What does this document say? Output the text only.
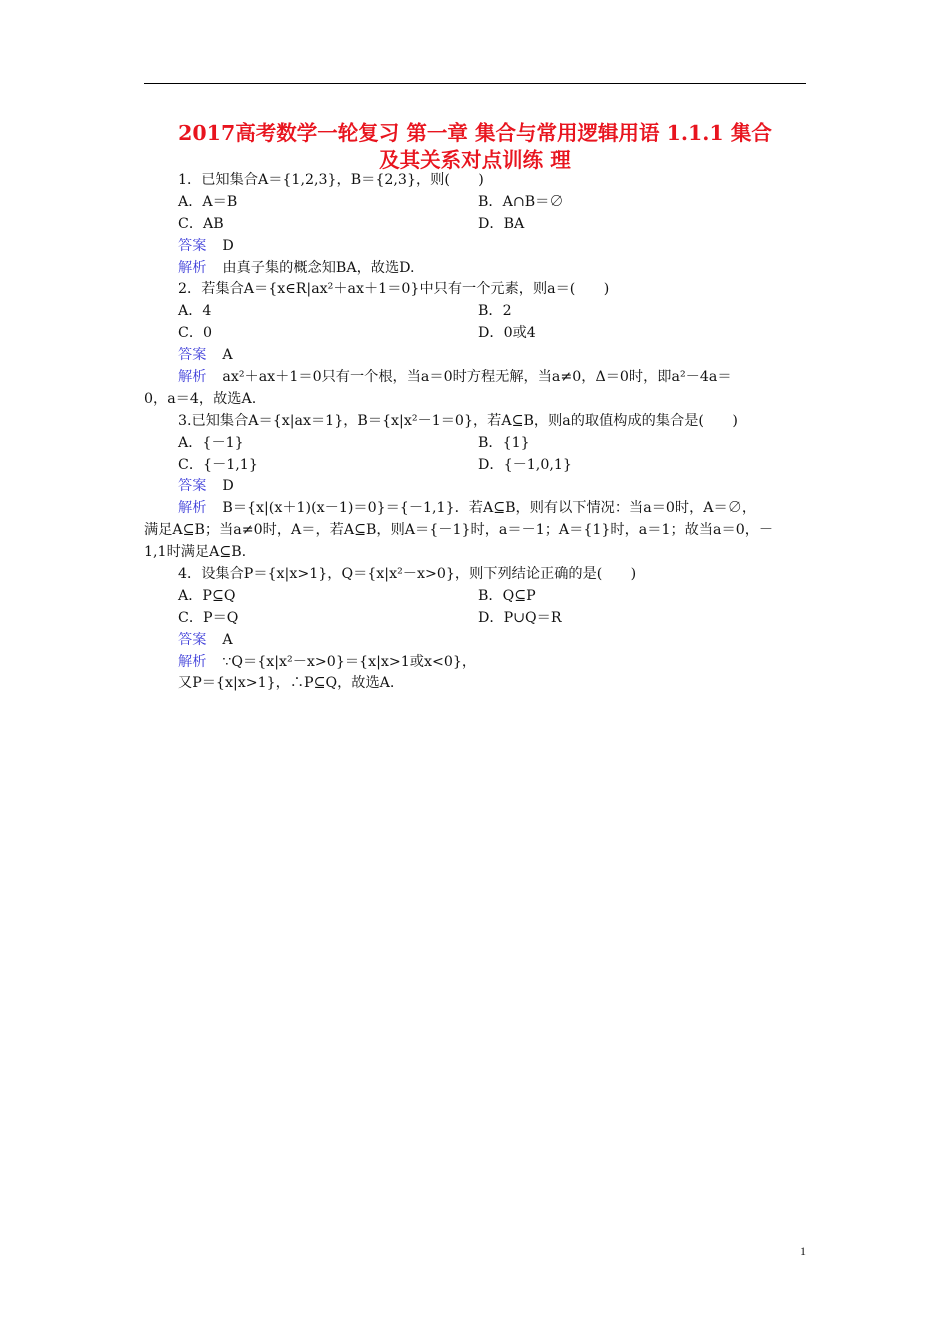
2017高考数学一轮复习 第一章 集合与常用逻辑用语 1.1.1 集合
及其关系对点训练 理
1．已知集合A＝{1,2,3}，B＝{2,3}，则(　　)
A．A＝B	B．A∩B＝∅
C．AB	D．BA
答案 D
解析 由真子集的概念知BA，故选D.
2．若集合A＝{x∈R|ax²＋ax＋1＝0}中只有一个元素，则a＝(　　)
A．4	B．2
C．0	D．0或4
答案 A
解析 ax²＋ax＋1＝0只有一个根，当a＝0时方程无解，当a≠0，Δ＝0时，即a²－4a＝
0，a＝4，故选A.
3.已知集合A＝{x|ax＝1}，B＝{x|x²－1＝0}，若A⊆B，则a的取值构成的集合是(　　)
A．{－1}	B．{1}
C．{－1,1}	D．{－1,0,1}
答案 D
解析 B＝{x|(x＋1)(x－1)＝0}＝{－1,1}．若A⊆B，则有以下情况：当a＝0时，A＝∅，
满足A⊆B；当a≠0时，A＝，若A⊆B，则A＝{－1}时，a＝－1；A＝{1}时，a＝1；故当a＝0，－
1,1时满足A⊆B.
4．设集合P＝{x|x>1}，Q＝{x|x²－x>0}，则下列结论正确的是(　　)
A．P⊆Q	B．Q⊆P
C．P＝Q	D．P∪Q＝R
答案 A
解析 ∵Q＝{x|x²－x>0}＝{x|x>1或x<0}，
又P＝{x|x>1}，∴P⊆Q，故选A.
1
